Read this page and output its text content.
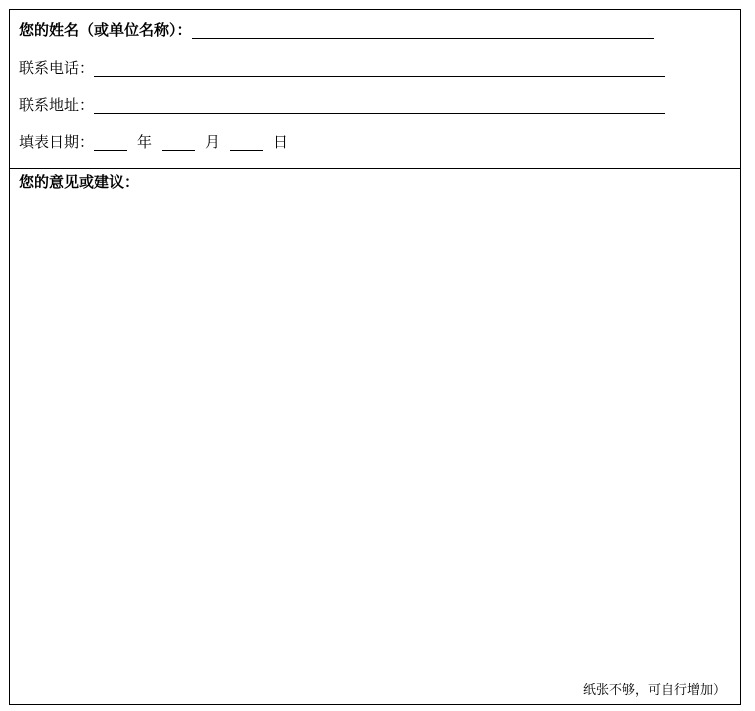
您的姓名（或单位名称）：
联系电话：
联系地址：
填表日期：	年	月	日
您的意见或建议：
纸张不够，可自行增加）
